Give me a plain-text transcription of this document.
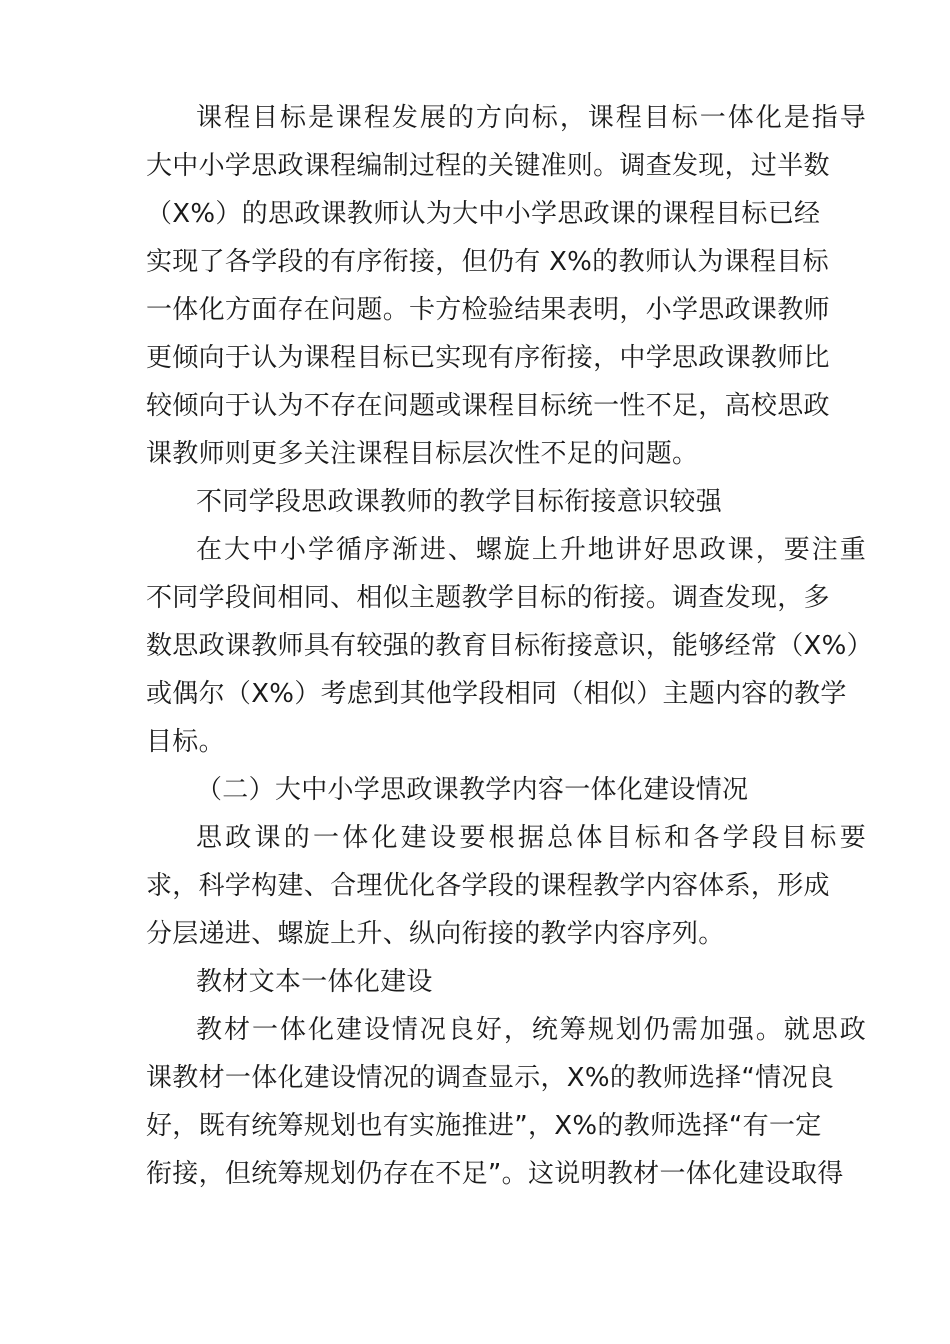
课程目标是课程发展的方向标，课程目标一体化是指导
大中小学思政课程编制过程的关键准则。调查发现，过半数
（X%）的思政课教师认为大中小学思政课的课程目标已经
实现了各学段的有序衔接，但仍有 X%的教师认为课程目标
一体化方面存在问题。卡方检验结果表明，小学思政课教师
更倾向于认为课程目标已实现有序衔接，中学思政课教师比
较倾向于认为不存在问题或课程目标统一性不足，高校思政
课教师则更多关注课程目标层次性不足的问题。
不同学段思政课教师的教学目标衔接意识较强
在大中小学循序渐进、螺旋上升地讲好思政课，要注重
不同学段间相同、相似主题教学目标的衔接。调查发现，多
数思政课教师具有较强的教育目标衔接意识，能够经常（X%）
或偶尔（X%）考虑到其他学段相同（相似）主题内容的教学
目标。
（二）大中小学思政课教学内容一体化建设情况
思政课的一体化建设要根据总体目标和各学段目标要
求，科学构建、合理优化各学段的课程教学内容体系，形成
分层递进、螺旋上升、纵向衔接的教学内容序列。
教材文本一体化建设
教材一体化建设情况良好，统筹规划仍需加强。就思政
课教材一体化建设情况的调查显示，X%的教师选择“情况良
好，既有统筹规划也有实施推进”，X%的教师选择“有一定
衔接，但统筹规划仍存在不足”。这说明教材一体化建设取得
